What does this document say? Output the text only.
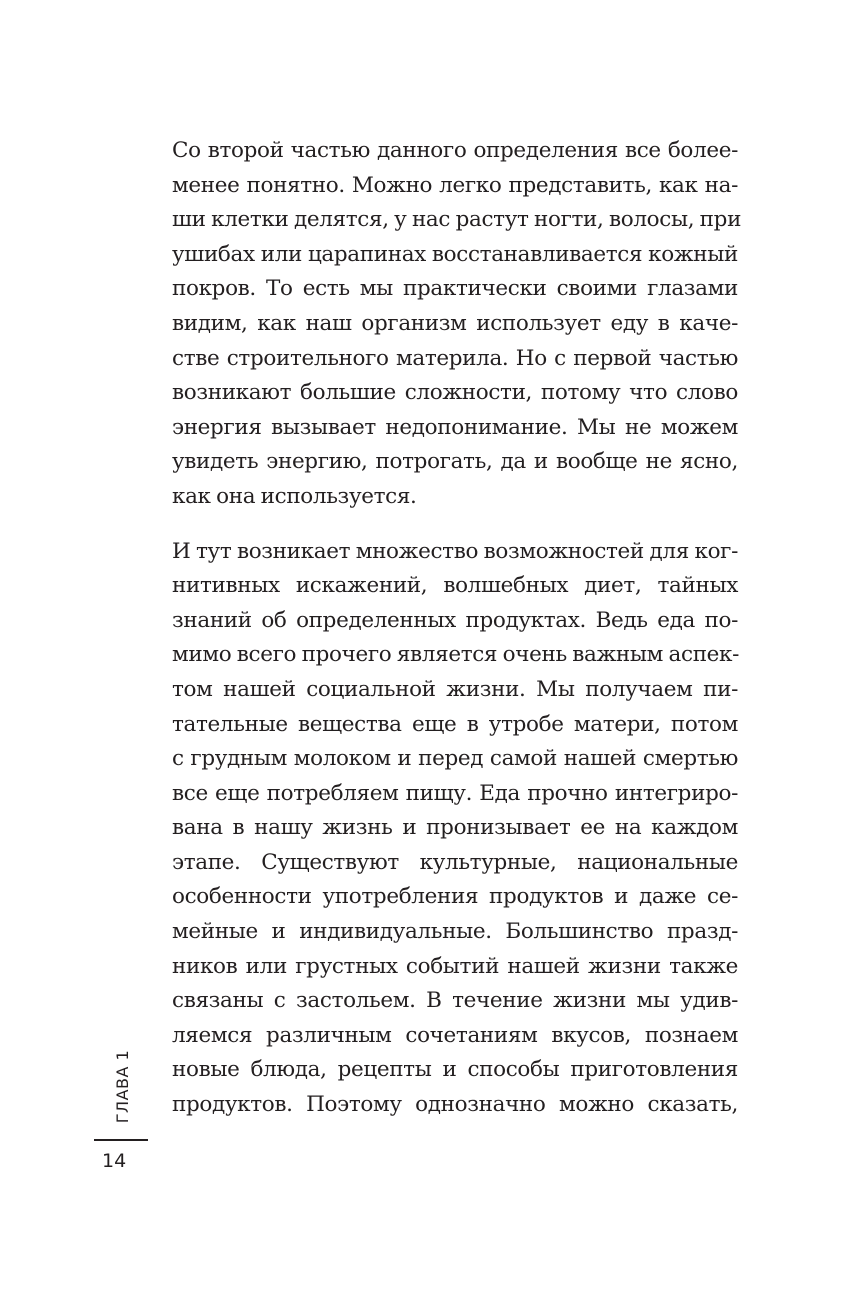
Со второй частью данного определения все более-
менее понятно. Можно легко представить, как на-
ши клетки делятся, у нас растут ногти, волосы, при
ушибах или царапинах восстанавливается кожный
покров. То есть мы практически своими глазами
видим, как наш организм использует еду в каче-
стве строительного материла. Но с первой частью
возникают большие сложности, потому что слово
энергия вызывает недопонимание. Мы не можем
увидеть энергию, потрогать, да и вообще не ясно,
как она используется.

И тут возникает множество возможностей для ког-
нитивных искажений, волшебных диет, тайных
знаний об определенных продуктах. Ведь еда по-
мимо всего прочего является очень важным аспек-
том нашей социальной жизни. Мы получаем пи-
тательные вещества еще в утробе матери, потом
с грудным молоком и перед самой нашей смертью
все еще потребляем пищу. Еда прочно интегриро-
вана в нашу жизнь и пронизывает ее на каждом
этапе. Существуют культурные, национальные
особенности употребления продуктов и даже се-
мейные и индивидуальные. Большинство празд-
ников или грустных событий нашей жизни также
связаны с застольем. В течение жизни мы удив-
ляемся различным сочетаниям вкусов, познаем
новые блюда, рецепты и способы приготовления
продуктов. Поэтому однозначно можно сказать,

ГЛАВА 1
14
